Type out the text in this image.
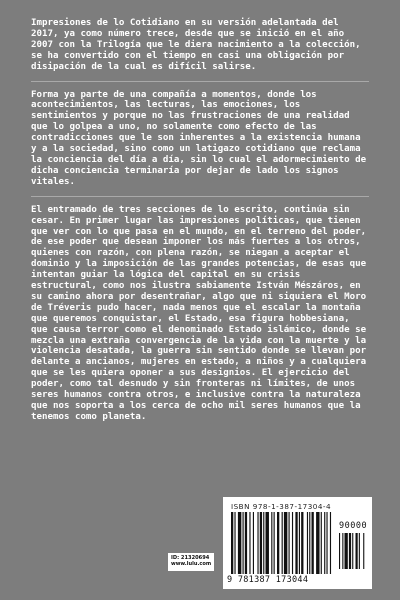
Impresiones de lo Cotidiano en su versión adelantada del 2017, ya como número trece, desde que se inició en el año 2007 con la Trilogía que le diera nacimiento a la colección, se ha convertido con el tiempo en casi una obligación por disipación de la cual es difícil salirse.

Forma ya parte de una compañía a momentos, donde los acontecimientos, las lecturas, las emociones, los sentimientos y porque no las frustraciones de una realidad que lo golpea a uno, no solamente como efecto de las contradicciones que le son inherentes a la existencia humana y a la sociedad, sino como un latigazo cotidiano que reclama la conciencia del día a día, sin lo cual el adormecimiento de dicha conciencia terminaría por dejar de lado los signos vitales.

El entramado de tres secciones de lo escrito, continúa sin cesar. En primer lugar las impresiones políticas, que tienen que ver con lo que pasa en el mundo, en el terreno del poder, de ese poder que desean imponer los más fuertes a los otros, quienes con razón, con plena razón, se niegan a aceptar el dominio y la imposición de las grandes potencias, de esas que intentan guiar la lógica del capital en su crisis estructural, como nos ilustra sabiamente István Mészáros, en su camino ahora por desentrañar, algo que ni siquiera el Moro de Tréveris pudo hacer, nada menos que el escalar la montaña que queremos conquistar, el Estado, esa figura hobbesiana, que causa terror como el denominado Estado islámico, donde se mezcla una extraña convergencia de la vida con la muerte y la violencia desatada, la guerra sin sentido donde se llevan por delante a ancianos, mujeres en estado, a niños y a cualquiera que se les quiera oponer a sus designios. El ejercicio del poder, como tal desnudo y sin fronteras ni límites, de unos seres humanos contra otros, e inclusive contra la naturaleza que nos soporta a los cerca de ocho mil seres humanos que la tenemos como planeta.

ID: 21320694
www.lulu.com
ISBN 978-1-387-17304-4
90000
9 781387 173044
